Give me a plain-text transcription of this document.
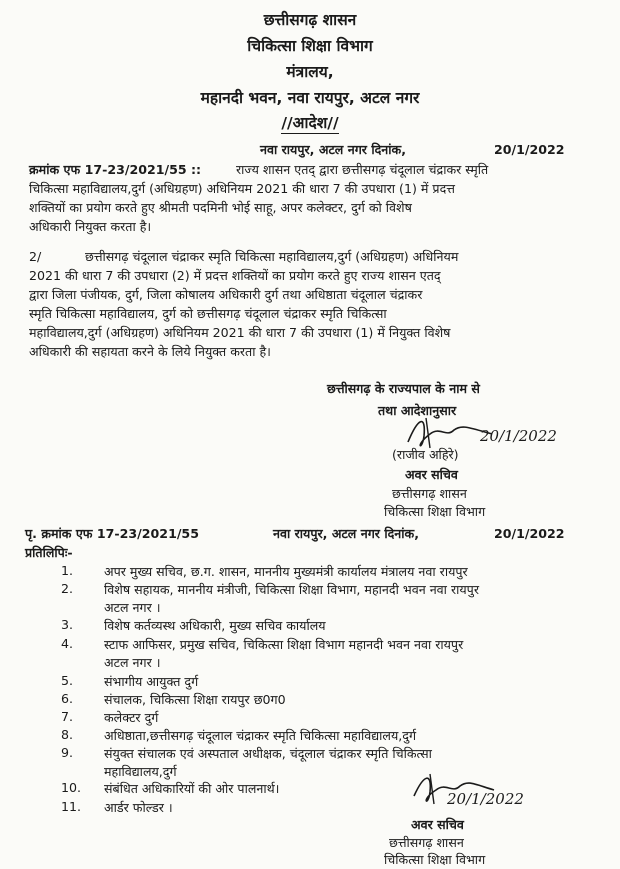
छत्तीसगढ़ शासन
चिकित्सा शिक्षा विभाग
मंत्रालय,
महानदी भवन, नवा रायपुर, अटल नगर
//आदेश//
नवा रायपुर, अटल नगर दिनांक,	20/1/2022
क्रमांक एफ 17-23/2021/55 ::	राज्य शासन एतद् द्वारा छत्तीसगढ़ चंदूलाल चंद्राकर स्मृति
चिकित्सा महाविद्यालय,दुर्ग (अधिग्रहण) अधिनियम 2021 की धारा 7 की उपधारा (1) में प्रदत्त
शक्तियों का प्रयोग करते हुए श्रीमती पदमिनी भोई साहू, अपर कलेक्टर, दुर्ग को विशेष
अधिकारी नियुक्त करता है।
2/	छत्तीसगढ़ चंदूलाल चंद्राकर स्मृति चिकित्सा महाविद्यालय,दुर्ग (अधिग्रहण) अधिनियम
2021 की धारा 7 की उपधारा (2) में प्रदत्त शक्तियों का प्रयोग करते हुए राज्य शासन एतद्
द्वारा जिला पंजीयक, दुर्ग, जिला कोषालय अधिकारी दुर्ग तथा अधिष्ठाता चंदूलाल चंद्राकर
स्मृति चिकित्सा महाविद्यालय, दुर्ग को छत्तीसगढ़ चंदूलाल चंद्राकर स्मृति चिकित्सा
महाविद्यालय,दुर्ग (अधिग्रहण) अधिनियम 2021 की धारा 7 की उपधारा (1) में नियुक्त विशेष
अधिकारी की सहायता करने के लिये नियुक्त करता है।
छत्तीसगढ़ के राज्यपाल के नाम से
तथा आदेशानुसार
20/1/2022
(राजीव अहिरे)
अवर सचिव
छत्तीसगढ़ शासन
चिकित्सा शिक्षा विभाग
पृ. क्रमांक एफ 17-23/2021/55	नवा रायपुर, अटल नगर दिनांक,	20/1/2022
प्रतिलिपिः-
1. अपर मुख्य सचिव, छ.ग. शासन, माननीय मुख्यमंत्री कार्यालय मंत्रालय नवा रायपुर
2. विशेष सहायक, माननीय मंत्रीजी, चिकित्सा शिक्षा विभाग, महानदी भवन नवा रायपुर
अटल नगर ।
3. विशेष कर्तव्यस्थ अधिकारी, मुख्य सचिव कार्यालय
4. स्टाफ आफिसर, प्रमुख सचिव, चिकित्सा शिक्षा विभाग महानदी भवन नवा रायपुर
अटल नगर ।
5. संभागीय आयुक्त दुर्ग
6. संचालक, चिकित्सा शिक्षा रायपुर छ0ग0
7. कलेक्टर दुर्ग
8. अधिष्ठाता,छत्तीसगढ़ चंदूलाल चंद्राकर स्मृति चिकित्सा महाविद्यालय,दुर्ग
9. संयुक्त संचालक एवं अस्पताल अधीक्षक, चंदूलाल चंद्राकर स्मृति चिकित्सा
महाविद्यालय,दुर्ग
10. संबंधित अधिकारियों की ओर पालनार्थ।
11. आर्डर फोल्डर ।	20/1/2022
अवर सचिव
छत्तीसगढ़ शासन
चिकित्सा शिक्षा विभाग
